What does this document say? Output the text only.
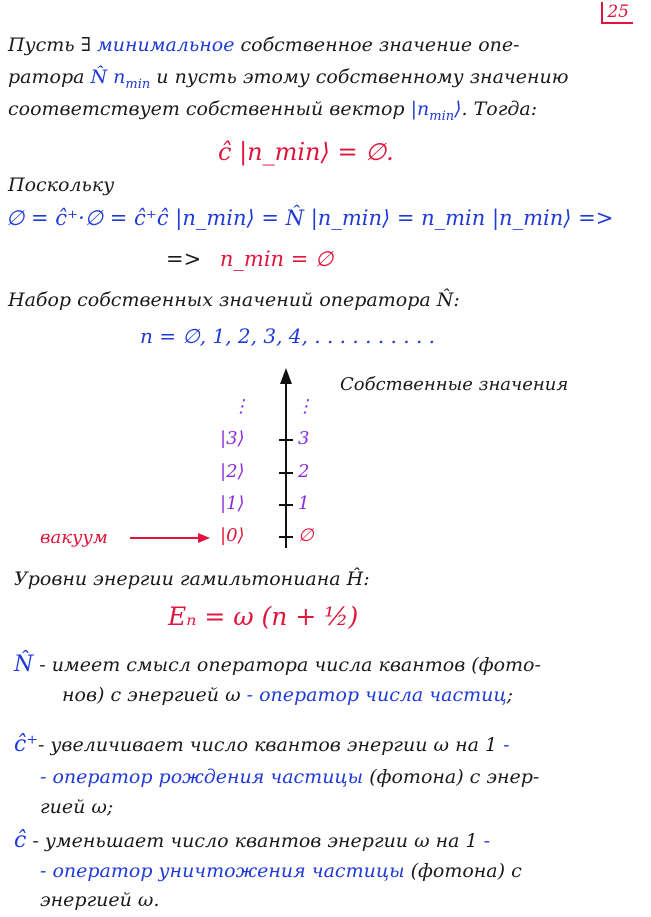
25
Пусть ∃ минимальное собственное значение опе-
ратора N̂ $n_{min}$ и пусть этому собственному значению
соответствует собственный вектор $|n_{min}⟩$. Тогда:
ĉ |n_min⟩ = ∅.
Поскольку
∅ = ĉ⁺·∅ = ĉ⁺ĉ |n_min⟩ = N̂ |n_min⟩ = n_min |n_min⟩ =>
=> n_min = ∅
Набор собственных значений оператора N̂:
n = ∅, 1, 2, 3, 4, . . . . . . . . . .
Собственные значения
⋮	⋮
|3⟩	3
|2⟩	2
|1⟩	1
|0⟩	∅
вакуум
Уровни энергии гамильтониана Ĥ:
Eₙ = ω (n + ½)
N̂ - имеет смысл оператора числа квантов (фото-
нов) с энергией ω - оператор числа частиц;
ĉ⁺- увеличивает число квантов энергии ω на 1 -
- оператор рождения частицы (фотона) с энер-
гией ω;
ĉ - уменьшает число квантов энергии ω на 1 -
- оператор уничтожения частицы (фотона) с
энергией ω.
